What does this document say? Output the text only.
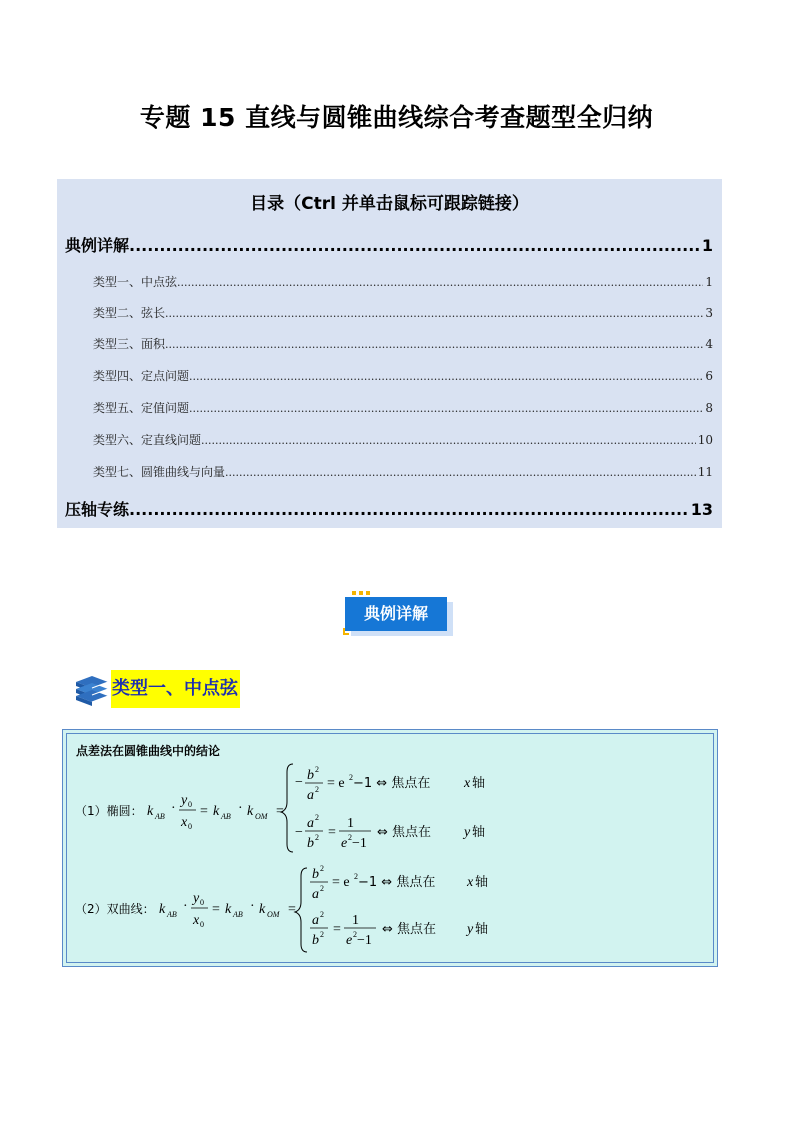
专题 15 直线与圆锥曲线综合考查题型全归纳
目录（Ctrl 并单击鼠标可跟踪链接）
典例详解 .....	1
类型一、中点弦 .....	1
类型二、弦长 .....	3
类型三、面积 .....	4
类型四、定点问题 .....	6
类型五、定值问题 .....	8
类型六、定直线问题 .....	10
类型七、圆锥曲线与向量 .....	11
压轴专练 .....	13
典例详解
类型一、中点弦
点差法在圆锥曲线中的结论
（1）椭圆： k AB
·
y 0
x 0
= k AB
· k OM =
− b 2
a 2 = e 2 −1 ⇔ 焦点在 x 轴
−
a 2
b 2 =
1
e 2 −1
⇔ 焦点在 y 轴
（2）双曲线： k AB
·
y 0
x 0
= k AB
· k OM =
b 2
a 2 = e 2 −1 ⇔ 焦点在 x 轴
a 2
b 2 =
1
e 2 −1
⇔ 焦点在 y 轴
